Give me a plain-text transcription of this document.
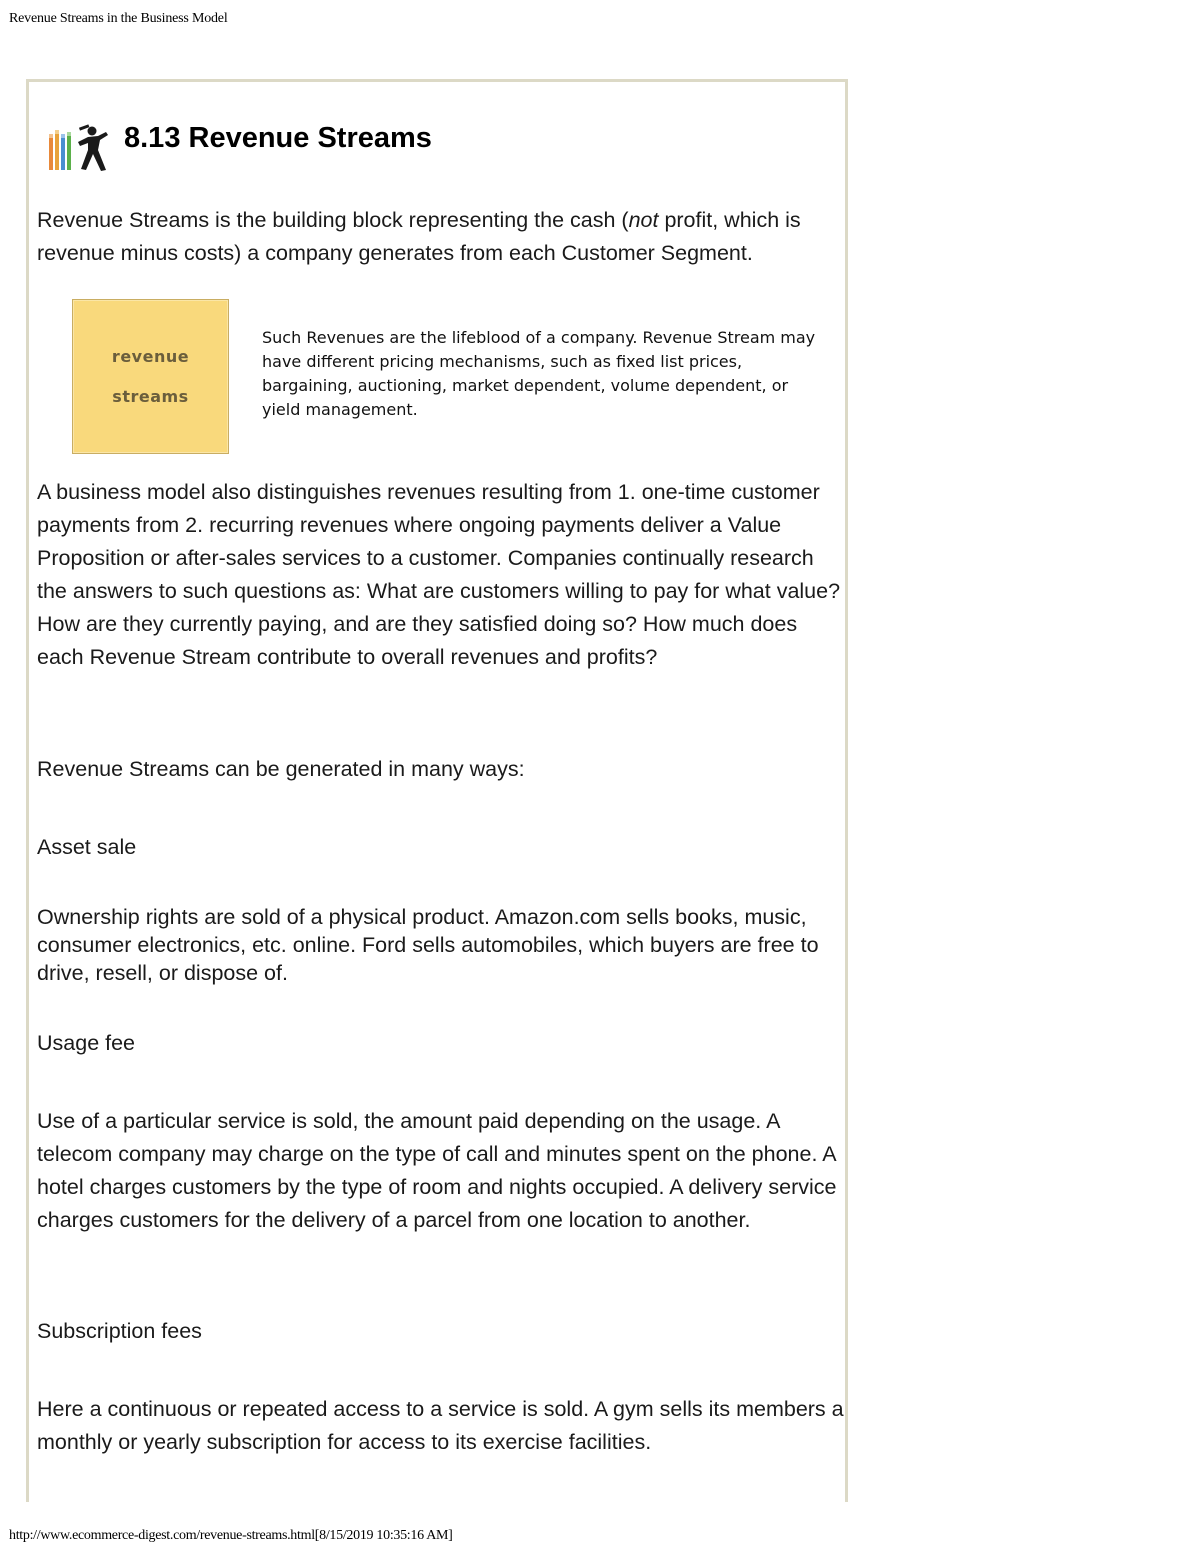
Revenue Streams in the Business Model
8.13 Revenue Streams

Revenue Streams is the building block representing the cash (not profit, which is revenue minus costs) a company generates from each Customer Segment.

revenue
streams

Such Revenues are the lifeblood of a company. Revenue Stream may have different pricing mechanisms, such as fixed list prices, bargaining, auctioning, market dependent, volume dependent, or yield management.

A business model also distinguishes revenues resulting from 1. one-time customer payments from 2. recurring revenues where ongoing payments deliver a Value Proposition or after-sales services to a customer. Companies continually research the answers to such questions as: What are customers willing to pay for what value? How are they currently paying, and are they satisfied doing so? How much does each Revenue Stream contribute to overall revenues and profits?

Revenue Streams can be generated in many ways:

Asset sale

Ownership rights are sold of a physical product. Amazon.com sells books, music, consumer electronics, etc. online. Ford sells automobiles, which buyers are free to drive, resell, or dispose of.

Usage fee

Use of a particular service is sold, the amount paid depending on the usage. A telecom company may charge on the type of call and minutes spent on the phone. A hotel charges customers by the type of room and nights occupied. A delivery service charges customers for the delivery of a parcel from one location to another.

Subscription fees

Here a continuous or repeated access to a service is sold. A gym sells its members a monthly or yearly subscription for access to its exercise facilities.

http://www.ecommerce-digest.com/revenue-streams.html[8/15/2019 10:35:16 AM]
